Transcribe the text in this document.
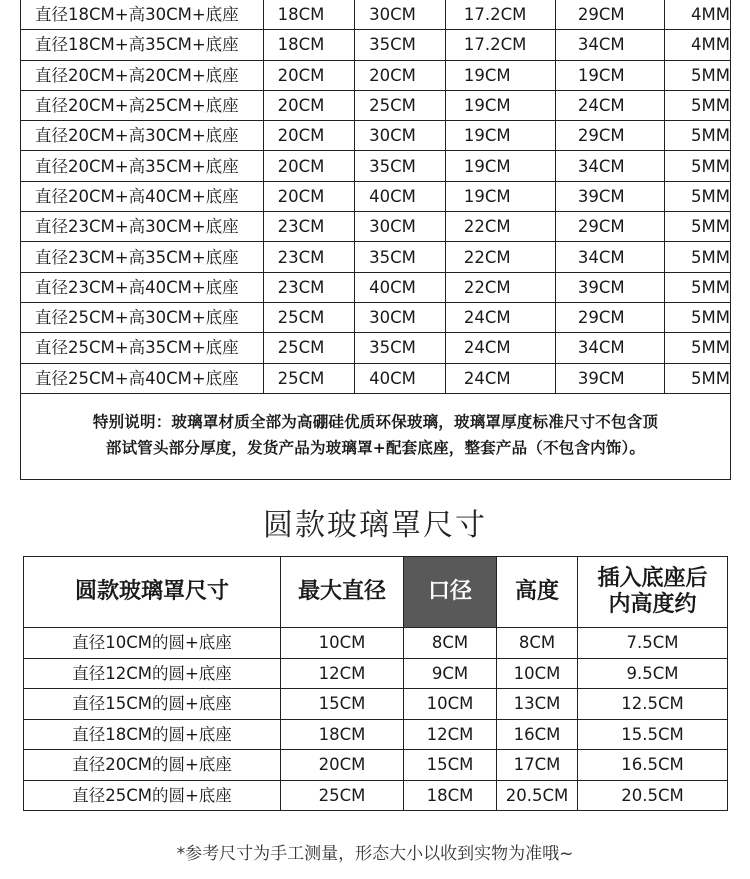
直径18CM+高30CM+底座	18CM	30CM	17.2CM	29CM	4MM
直径18CM+高35CM+底座	18CM	35CM	17.2CM	34CM	4MM
直径20CM+高20CM+底座	20CM	20CM	19CM	19CM	5MM
直径20CM+高25CM+底座	20CM	25CM	19CM	24CM	5MM
直径20CM+高30CM+底座	20CM	30CM	19CM	29CM	5MM
直径20CM+高35CM+底座	20CM	35CM	19CM	34CM	5MM
直径20CM+高40CM+底座	20CM	40CM	19CM	39CM	5MM
直径23CM+高30CM+底座	23CM	30CM	22CM	29CM	5MM
直径23CM+高35CM+底座	23CM	35CM	22CM	34CM	5MM
直径23CM+高40CM+底座	23CM	40CM	22CM	39CM	5MM
直径25CM+高30CM+底座	25CM	30CM	24CM	29CM	5MM
直径25CM+高35CM+底座	25CM	35CM	24CM	34CM	5MM
直径25CM+高40CM+底座	25CM	40CM	24CM	39CM	5MM
特别说明：玻璃罩材质全部为高硼硅优质环保玻璃，玻璃罩厚度标准尺寸不包含顶
部试管头部分厚度，发货产品为玻璃罩+配套底座，整套产品（不包含内饰）。
圆款玻璃罩尺寸
圆款玻璃罩尺寸	最大直径	口径	高度	插入底座后
内高度约

直径10CM的圆+底座	10CM	8CM	8CM	7.5CM
直径12CM的圆+底座	12CM	9CM	10CM	9.5CM
直径15CM的圆+底座	15CM	10CM	13CM	12.5CM
直径18CM的圆+底座	18CM	12CM	16CM	15.5CM
直径20CM的圆+底座	20CM	15CM	17CM	16.5CM
直径25CM的圆+底座	25CM	18CM	20.5CM	20.5CM
*参考尺寸为手工测量，形态大小以收到实物为准哦~
